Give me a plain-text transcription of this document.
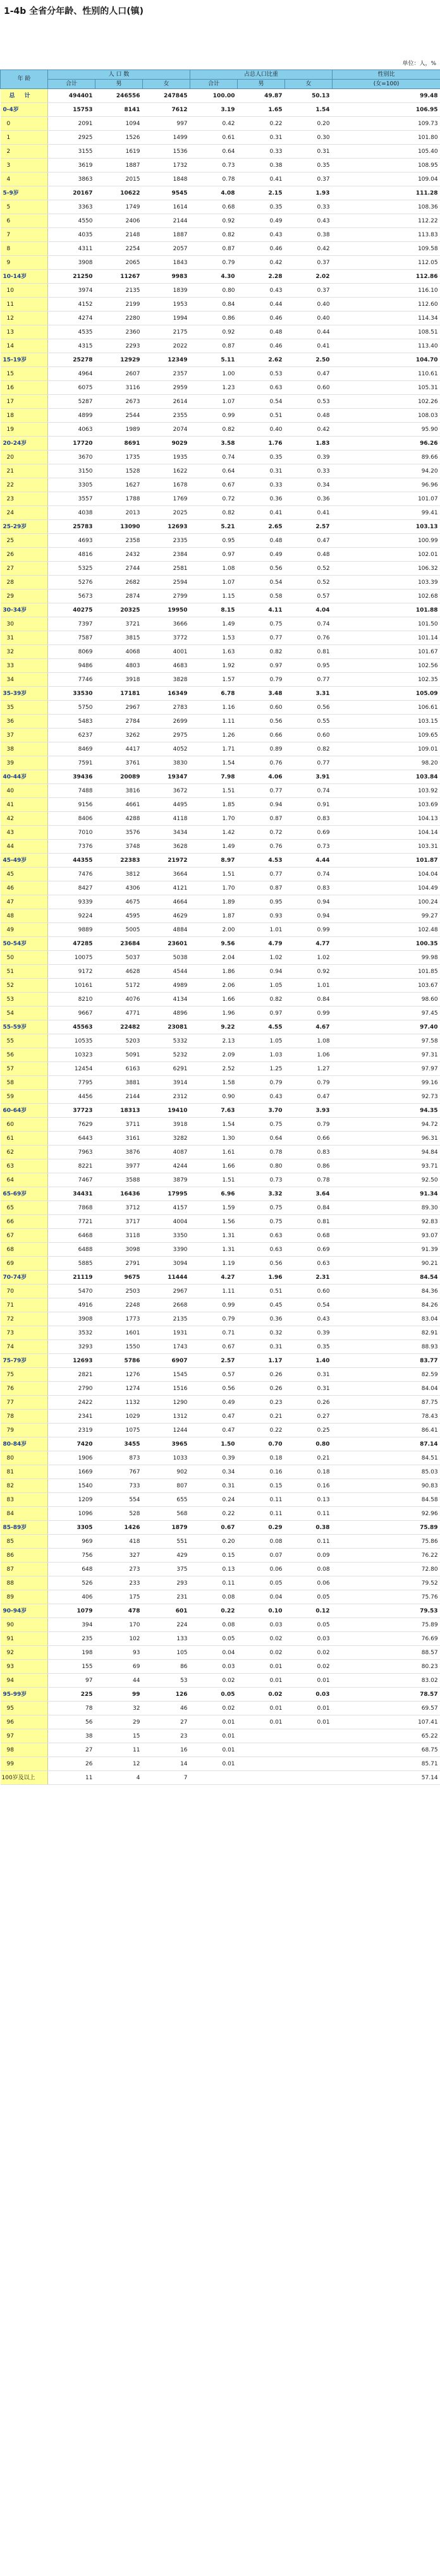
1-4b 全省分年龄、性别的人口(镇)
单位：人，%
年 龄	人 口 数			占总人口比重			性别比
	合计	男	女	合计	男	女	(女=100)
总 计	494401	246556	247845	100.00	49.87	50.13	99.48
0-4岁	15753	8141	7612	3.19	1.65	1.54	106.95
0	2091	1094	997	0.42	0.22	0.20	109.73
1	2925	1526	1499	0.61	0.31	0.30	101.80
2	3155	1619	1536	0.64	0.33	0.31	105.40
3	3619	1887	1732	0.73	0.38	0.35	108.95
4	3863	2015	1848	0.78	0.41	0.37	109.04
5-9岁	20167	10622	9545	4.08	2.15	1.93	111.28
5	3363	1749	1614	0.68	0.35	0.33	108.36
6	4550	2406	2144	0.92	0.49	0.43	112.22
7	4035	2148	1887	0.82	0.43	0.38	113.83
8	4311	2254	2057	0.87	0.46	0.42	109.58
9	3908	2065	1843	0.79	0.42	0.37	112.05
10-14岁	21250	11267	9983	4.30	2.28	2.02	112.86
10	3974	2135	1839	0.80	0.43	0.37	116.10
11	4152	2199	1953	0.84	0.44	0.40	112.60
12	4274	2280	1994	0.86	0.46	0.40	114.34
13	4535	2360	2175	0.92	0.48	0.44	108.51
14	4315	2293	2022	0.87	0.46	0.41	113.40
15-19岁	25278	12929	12349	5.11	2.62	2.50	104.70
15	4964	2607	2357	1.00	0.53	0.47	110.61
16	6075	3116	2959	1.23	0.63	0.60	105.31
17	5287	2673	2614	1.07	0.54	0.53	102.26
18	4899	2544	2355	0.99	0.51	0.48	108.03
19	4063	1989	2074	0.82	0.40	0.42	95.90
20-24岁	17720	8691	9029	3.58	1.76	1.83	96.26
20	3670	1735	1935	0.74	0.35	0.39	89.66
21	3150	1528	1622	0.64	0.31	0.33	94.20
22	3305	1627	1678	0.67	0.33	0.34	96.96
23	3557	1788	1769	0.72	0.36	0.36	101.07
24	4038	2013	2025	0.82	0.41	0.41	99.41
25-29岁	25783	13090	12693	5.21	2.65	2.57	103.13
25	4693	2358	2335	0.95	0.48	0.47	100.99
26	4816	2432	2384	0.97	0.49	0.48	102.01
27	5325	2744	2581	1.08	0.56	0.52	106.32
28	5276	2682	2594	1.07	0.54	0.52	103.39
29	5673	2874	2799	1.15	0.58	0.57	102.68
30-34岁	40275	20325	19950	8.15	4.11	4.04	101.88
30	7397	3721	3666	1.49	0.75	0.74	101.50
31	7587	3815	3772	1.53	0.77	0.76	101.14
32	8069	4068	4001	1.63	0.82	0.81	101.67
33	9486	4803	4683	1.92	0.97	0.95	102.56
34	7746	3918	3828	1.57	0.79	0.77	102.35
35-39岁	33530	17181	16349	6.78	3.48	3.31	105.09
35	5750	2967	2783	1.16	0.60	0.56	106.61
36	5483	2784	2699	1.11	0.56	0.55	103.15
37	6237	3262	2975	1.26	0.66	0.60	109.65
38	8469	4417	4052	1.71	0.89	0.82	109.01
39	7591	3761	3830	1.54	0.76	0.77	98.20
40-44岁	39436	20089	19347	7.98	4.06	3.91	103.84
40	7488	3816	3672	1.51	0.77	0.74	103.92
41	9156	4661	4495	1.85	0.94	0.91	103.69
42	8406	4288	4118	1.70	0.87	0.83	104.13
43	7010	3576	3434	1.42	0.72	0.69	104.14
44	7376	3748	3628	1.49	0.76	0.73	103.31
45-49岁	44355	22383	21972	8.97	4.53	4.44	101.87
45	7476	3812	3664	1.51	0.77	0.74	104.04
46	8427	4306	4121	1.70	0.87	0.83	104.49
47	9339	4675	4664	1.89	0.95	0.94	100.24
48	9224	4595	4629	1.87	0.93	0.94	99.27
49	9889	5005	4884	2.00	1.01	0.99	102.48
50-54岁	47285	23684	23601	9.56	4.79	4.77	100.35
50	10075	5037	5038	2.04	1.02	1.02	99.98
51	9172	4628	4544	1.86	0.94	0.92	101.85
52	10161	5172	4989	2.06	1.05	1.01	103.67
53	8210	4076	4134	1.66	0.82	0.84	98.60
54	9667	4771	4896	1.96	0.97	0.99	97.45
55-59岁	45563	22482	23081	9.22	4.55	4.67	97.40
55	10535	5203	5332	2.13	1.05	1.08	97.58
56	10323	5091	5232	2.09	1.03	1.06	97.31
57	12454	6163	6291	2.52	1.25	1.27	97.97
58	7795	3881	3914	1.58	0.79	0.79	99.16
59	4456	2144	2312	0.90	0.43	0.47	92.73
60-64岁	37723	18313	19410	7.63	3.70	3.93	94.35
60	7629	3711	3918	1.54	0.75	0.79	94.72
61	6443	3161	3282	1.30	0.64	0.66	96.31
62	7963	3876	4087	1.61	0.78	0.83	94.84
63	8221	3977	4244	1.66	0.80	0.86	93.71
64	7467	3588	3879	1.51	0.73	0.78	92.50
65-69岁	34431	16436	17995	6.96	3.32	3.64	91.34
65	7868	3712	4157	1.59	0.75	0.84	89.30
66	7721	3717	4004	1.56	0.75	0.81	92.83
67	6468	3118	3350	1.31	0.63	0.68	93.07
68	6488	3098	3390	1.31	0.63	0.69	91.39
69	5885	2791	3094	1.19	0.56	0.63	90.21
70-74岁	21119	9675	11444	4.27	1.96	2.31	84.54
70	5470	2503	2967	1.11	0.51	0.60	84.36
71	4916	2248	2668	0.99	0.45	0.54	84.26
72	3908	1773	2135	0.79	0.36	0.43	83.04
73	3532	1601	1931	0.71	0.32	0.39	82.91
74	3293	1550	1743	0.67	0.31	0.35	88.93
75-79岁	12693	5786	6907	2.57	1.17	1.40	83.77
75	2821	1276	1545	0.57	0.26	0.31	82.59
76	2790	1274	1516	0.56	0.26	0.31	84.04
77	2422	1132	1290	0.49	0.23	0.26	87.75
78	2341	1029	1312	0.47	0.21	0.27	78.43
79	2319	1075	1244	0.47	0.22	0.25	86.41
80-84岁	7420	3455	3965	1.50	0.70	0.80	87.14
80	1906	873	1033	0.39	0.18	0.21	84.51
81	1669	767	902	0.34	0.16	0.18	85.03
82	1540	733	807	0.31	0.15	0.16	90.83
83	1209	554	655	0.24	0.11	0.13	84.58
84	1096	528	568	0.22	0.11	0.11	92.96
85-89岁	3305	1426	1879	0.67	0.29	0.38	75.89
85	969	418	551	0.20	0.08	0.11	75.86
86	756	327	429	0.15	0.07	0.09	76.22
87	648	273	375	0.13	0.06	0.08	72.80
88	526	233	293	0.11	0.05	0.06	79.52
89	406	175	231	0.08	0.04	0.05	75.76
90-94岁	1079	478	601	0.22	0.10	0.12	79.53
90	394	170	224	0.08	0.03	0.05	75.89
91	235	102	133	0.05	0.02	0.03	76.69
92	198	93	105	0.04	0.02	0.02	88.57
93	155	69	86	0.03	0.01	0.02	80.23
94	97	44	53	0.02	0.01	0.01	83.02
95-99岁	225	99	126	0.05	0.02	0.03	78.57
95	78	32	46	0.02	0.01	0.01	69.57
96	56	29	27	0.01	0.01	0.01	107.41
97	38	15	23	0.01			65.22
98	27	11	16	0.01			68.75
99	26	12	14	0.01			85.71
100岁及以上	11	4	7				57.14
